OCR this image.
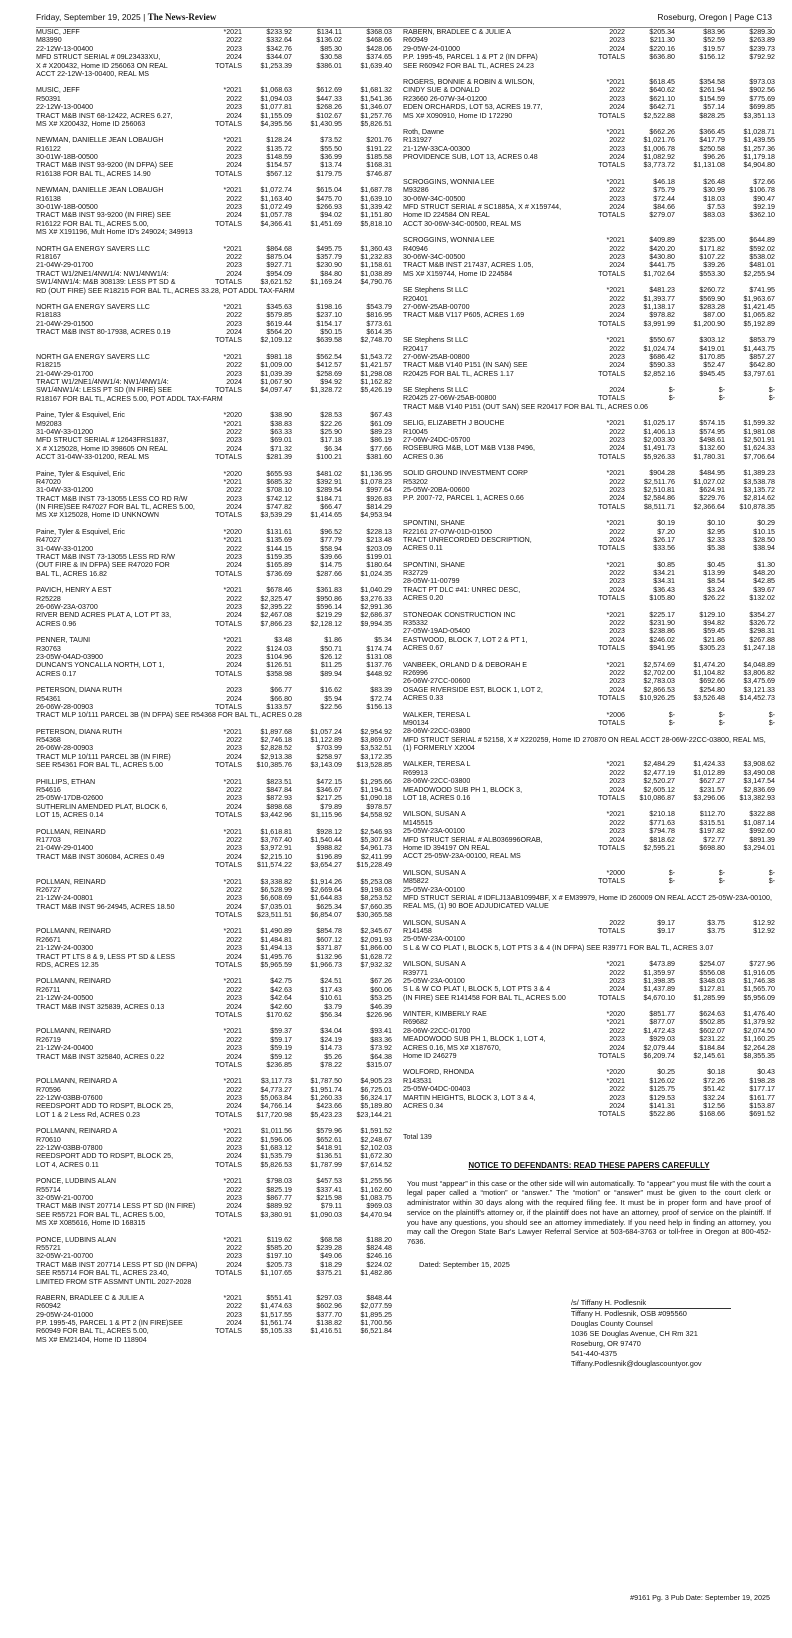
Friday, September 19, 2025 | The News-Review	Roseburg, Oregon | Page C13
MUSIC, JEFF	*2021	$233.92	$134.11	$368.03
M83990	2022	$332.64	$136.02	$468.66
22-12W-13-00400	2023	$342.76	$85.30	$428.06
MFD STRUCT SERIAL # 09L23433XU,	2024	$344.07	$30.58	$374.65
X # X200432, Home ID 256063 ON REAL	TOTALS	$1,253.39	$386.01	$1,639.40
ACCT 22-12W-13-00400, REAL MS
MUSIC, JEFF	*2021	$1,068.63	$612.69	$1,681.32
R50391	2022	$1,094.03	$447.33	$1,541.36
22-12W-13-00400	2023	$1,077.81	$268.26	$1,346.07
TRACT M&B INST 68-12422, ACRES 6.27,	2024	$1,155.09	$102.67	$1,257.76
MS X# X200432, Home ID 256063	TOTALS	$4,395.56	$1,430.95	$5,826.51
NEWMAN, DANIELLE JEAN LOBAUGH	*2021	$128.24	$73.52	$201.76
R16122	2022	$135.72	$55.50	$191.22
30-01W-18B-00500	2023	$148.59	$36.99	$185.58
TRACT M&B INST 93-9200 (IN DFPA) SEE	2024	$154.57	$13.74	$168.31
R16138 FOR BAL TL, ACRES 14.90	TOTALS	$567.12	$179.75	$746.87
NEWMAN, DANIELLE JEAN LOBAUGH	*2021	$1,072.74	$615.04	$1,687.78
R16138	2022	$1,163.40	$475.70	$1,639.10
30-01W-18B-00500	2023	$1,072.49	$266.93	$1,339.42
TRACT M&B INST 93-9200 (IN FIRE) SEE	2024	$1,057.78	$94.02	$1,151.80
R16122 FOR BAL TL, ACRES 5.00,	TOTALS	$4,366.41	$1,451.69	$5,818.10
MS X# X191196, Mult Home ID's 249024; 349913
NORTH GA ENERGY SAVERS LLC	*2021	$864.68	$495.75	$1,360.43
R18167	2022	$875.04	$357.79	$1,232.83
21-04W-29-01700	2023	$927.71	$230.90	$1,158.61
TRACT W1/2NE1/4NW1/4: NW1/4NW1/4:	2024	$954.09	$84.80	$1,038.89
SW1/4NW1/4: M&B 308139: LESS PT SD &	TOTALS	$3,621.52	$1,169.24	$4,790.76
RD (OUT FIRE) SEE R18215 FOR BAL TL, ACRES 33.28, POT ADDL TAX-FARM
NORTH GA ENERGY SAVERS LLC	*2021	$345.63	$198.16	$543.79
R18183	2022	$579.85	$237.10	$816.95
21-04W-29-01500	2023	$619.44	$154.17	$773.61
TRACT M&B INST 80-17938, ACRES 0.19	2024	$564.20	$50.15	$614.35
TOTALS	$2,109.12	$639.58	$2,748.70
NORTH GA ENERGY SAVERS LLC	*2021	$981.18	$562.54	$1,543.72
R18215	2022	$1,009.00	$412.57	$1,421.57
21-04W-29-01700	2023	$1,039.39	$258.69	$1,298.08
TRACT W1/2NE1/4NW1/4: NW1/4NW1/4:	2024	$1,067.90	$94.92	$1,162.82
SW1/4NW1/4: LESS PT SD (IN FIRE) SEE	TOTALS	$4,097.47	$1,328.72	$5,426.19
R18167 FOR BAL TL, ACRES 5.00, POT ADDL TAX-FARM
Paine, Tyler & Esquivel, Eric	*2020	$38.90	$28.53	$67.43
M92083	*2021	$38.83	$22.26	$61.09
31-04W-33-01200	2022	$63.33	$25.90	$89.23
MFD STRUCT SERIAL # 12643FRS1837,	2023	$69.01	$17.18	$86.19
X # X125028, Home ID 398605 ON REAL	2024	$71.32	$6.34	$77.66
ACCT 31-04W-33-01200, REAL MS	TOTALS	$281.39	$100.21	$381.60
Paine, Tyler & Esquivel, Eric	*2020	$655.93	$481.02	$1,136.95
R47020	*2021	$685.32	$392.91	$1,078.23
31-04W-33-01200	2022	$708.10	$289.54	$997.64
TRACT M&B INST 73-13055 LESS CO RD R/W	2023	$742.12	$184.71	$926.83
(IN FIRE)SEE R47027 FOR BAL TL, ACRES 5.00,	2024	$747.82	$66.47	$814.29
MS X# X125028, Home ID UNKNOWN	TOTALS	$3,539.29	$1,414.65	$4,953.94
Paine, Tyler & Esquivel, Eric	*2020	$131.61	$96.52	$228.13
R47027	*2021	$135.69	$77.79	$213.48
31-04W-33-01200	2022	$144.15	$58.94	$203.09
TRACT M&B INST 73-13055 LESS RD R/W	2023	$159.35	$39.66	$199.01
(OUT FIRE & IN DFPA) SEE R47020 FOR	2024	$165.89	$14.75	$180.64
BAL TL, ACRES 16.82	TOTALS	$736.69	$287.66	$1,024.35
PAVICH, HENRY A EST	*2021	$678.46	$361.83	$1,040.29
R25228	2022	$2,325.47	$950.86	$3,276.33
26-06W-23A-03700	2023	$2,395.22	$596.14	$2,991.36
RIVER BEND ACRES PLAT A, LOT PT 33,	2024	$2,467.08	$219.29	$2,686.37
ACRES 0.96	TOTALS	$7,866.23	$2,128.12	$9,994.35
PENNER, TAUNI	*2021	$3.48	$1.86	$5.34
R30763	2022	$124.03	$50.71	$174.74
23-05W-04AD-03900	2023	$104.96	$26.12	$131.08
DUNCAN'S YONCALLA NORTH, LOT 1,	2024	$126.51	$11.25	$137.76
ACRES 0.17	TOTALS	$358.98	$89.94	$448.92
PETERSON, DIANA RUTH	2023	$66.77	$16.62	$83.39
R54361	2024	$66.80	$5.94	$72.74
26-06W-28-00903	TOTALS	$133.57	$22.56	$156.13
TRACT MLP 10/111 PARCEL 3B (IN DFPA) SEE R54368 FOR BAL TL, ACRES 0.28
PETERSON, DIANA RUTH	*2021	$1,897.68	$1,057.24	$2,954.92
R54368	2022	$2,746.18	$1,122.89	$3,869.07
26-06W-28-00903	2023	$2,828.52	$703.99	$3,532.51
TRACT MLP 10/111 PARCEL 3B (IN FIRE)	2024	$2,913.38	$258.97	$3,172.35
SEE R54361 FOR BAL TL, ACRES 5.00	TOTALS	$10,385.76	$3,143.09	$13,528.85
PHILLIPS, ETHAN	*2021	$823.51	$472.15	$1,295.66
R54616	2022	$847.84	$346.67	$1,194.51
25-05W-17DB-02600	2023	$872.93	$217.25	$1,090.18
SUTHERLIN AMENDED PLAT, BLOCK 6,	2024	$898.68	$79.89	$978.57
LOT 15, ACRES 0.14	TOTALS	$3,442.96	$1,115.96	$4,558.92
POLLMAN, REINARD	*2021	$1,618.81	$928.12	$2,546.93
R17703	2022	$3,767.40	$1,540.44	$5,307.84
21-04W-29-01400	2023	$3,972.91	$988.82	$4,961.73
TRACT M&B INST 306084, ACRES 0.49	2024	$2,215.10	$196.89	$2,411.99
TOTALS	$11,574.22	$3,654.27	$15,228.49
POLLMAN, REINARD	*2021	$3,338.82	$1,914.26	$5,253.08
R26727	2022	$6,528.99	$2,669.64	$9,198.63
21-12W-24-00801	2023	$6,608.69	$1,644.83	$8,253.52
TRACT M&B INST 96-24945, ACRES 18.50	2024	$7,035.01	$625.34	$7,660.35
TOTALS	$23,511.51	$6,854.07	$30,365.58
POLLMANN, REINARD	*2021	$1,490.89	$854.78	$2,345.67
R26671	2022	$1,484.81	$607.12	$2,091.93
21-12W-24-00300	2023	$1,494.13	$371.87	$1,866.00
TRACT PT LTS 8 & 9, LESS PT SD & LESS	2024	$1,495.76	$132.96	$1,628.72
RDS, ACRES 12.35	TOTALS	$5,965.59	$1,966.73	$7,932.32
POLLMANN, REINARD	*2021	$42.75	$24.51	$67.26
R26711	2022	$42.63	$17.43	$60.06
21-12W-24-00500	2023	$42.64	$10.61	$53.25
TRACT M&B INST 325839, ACRES 0.13	2024	$42.60	$3.79	$46.39
TOTALS	$170.62	$56.34	$226.96
POLLMANN, REINARD	*2021	$59.37	$34.04	$93.41
R26719	2022	$59.17	$24.19	$83.36
21-12W-24-00400	2023	$59.19	$14.73	$73.92
TRACT M&B INST 325840, ACRES 0.22	2024	$59.12	$5.26	$64.38
TOTALS	$236.85	$78.22	$315.07
POLLMANN, REINARD A	*2021	$3,117.73	$1,787.50	$4,905.23
R70596	2022	$4,773.27	$1,951.74	$6,725.01
22-12W-03BB-07600	2023	$5,063.84	$1,260.33	$6,324.17
REEDSPORT ADD TO RDSPT, BLOCK 25,	2024	$4,766.14	$423.66	$5,189.80
LOT 1 & 2 Less Rd, ACRES 0.23	TOTALS	$17,720.98	$5,423.23	$23,144.21
POLLMANN, REINARD A	*2021	$1,011.56	$579.96	$1,591.52
R70610	2022	$1,596.06	$652.61	$2,248.67
22-12W-03BB-07800	2023	$1,683.12	$418.91	$2,102.03
REEDSPORT ADD TO RDSPT, BLOCK 25,	2024	$1,535.79	$136.51	$1,672.30
LOT 4, ACRES 0.11	TOTALS	$5,826.53	$1,787.99	$7,614.52
PONCE, LUDBINS ALAN	*2021	$798.03	$457.53	$1,255.56
R55714	2022	$825.19	$337.41	$1,162.60
32-05W-21-00700	2023	$867.77	$215.98	$1,083.75
TRACT M&B INST 207714 LESS PT SD (IN FIRE)	2024	$889.92	$79.11	$969.03
SEE R55721 FOR BAL TL, ACRES 5.00,	TOTALS	$3,380.91	$1,090.03	$4,470.94
MS X# X085616, Home ID 168315
PONCE, LUDBINS ALAN	*2021	$119.62	$68.58	$188.20
R55721	2022	$585.20	$239.28	$824.48
32-05W-21-00700	2023	$197.10	$49.06	$246.16
TRACT M&B INST 207714 LESS PT SD (IN DFPA)	2024	$205.73	$18.29	$224.02
SEE R55714 FOR BAL TL, ACRES 23.40,	TOTALS	$1,107.65	$375.21	$1,482.86
LIMITED FROM STF ASSMNT UNTIL 2027-2028
RABERN, BRADLEE C & JULIE A	*2021	$551.41	$297.03	$848.44
R60942	2022	$1,474.63	$602.96	$2,077.59
29-05W-24-01000	2023	$1,517.55	$377.70	$1,895.25
P.P. 1995-45, PARCEL 1 & PT 2 (IN FIRE)SEE	2024	$1,561.74	$138.82	$1,700.56
R60949 FOR BAL TL, ACRES 5.00,	TOTALS	$5,105.33	$1,416.51	$6,521.84
MS X# EM21404, Home ID 118904
RABERN, BRADLEE C & JULIE A	2022	$205.34	$83.96	$289.30
R60949	2023	$211.30	$52.59	$263.89
29-05W-24-01000	2024	$220.16	$19.57	$239.73
P.P. 1995-45, PARCEL 1 & PT 2 (IN DFPA)	TOTALS	$636.80	$156.12	$792.92
SEE R60942 FOR BAL TL, ACRES 24.23
ROGERS, BONNIE & ROBIN & WILSON,	*2021	$618.45	$354.58	$973.03
CINDY SUE & DONALD	2022	$640.62	$261.94	$902.56
R23660 26-07W-34-01200	2023	$621.10	$154.59	$775.69
EDEN ORCHARDS, LOT 53, ACRES 19.77,	2024	$642.71	$57.14	$699.85
MS X# X090910, Home ID 172290	TOTALS	$2,522.88	$828.25	$3,351.13
Roth, Dawne	*2021	$662.26	$366.45	$1,028.71
R131927	2022	$1,021.76	$417.79	$1,439.55
21-12W-33CA-00300	2023	$1,006.78	$250.58	$1,257.36
PROVIDENCE SUB, LOT 13, ACRES 0.48	2024	$1,082.92	$96.26	$1,179.18
TOTALS	$3,773.72	$1,131.08	$4,904.80
SCROGGINS, WONNIA LEE	*2021	$46.18	$26.48	$72.66
M93286	2022	$75.79	$30.99	$106.78
30-06W-34C-00500	2023	$72.44	$18.03	$90.47
MFD STRUCT SERIAL # SC1885A, X # X159744,	2024	$84.66	$7.53	$92.19
Home ID 224584 ON REAL	TOTALS	$279.07	$83.03	$362.10
ACCT 30-06W-34C-00500, REAL MS
SCROGGINS, WONNIA LEE	*2021	$409.89	$235.00	$644.89
R40946	2022	$420.20	$171.82	$592.02
30-06W-34C-00500	2023	$430.80	$107.22	$538.02
TRACT M&B INST 217437, ACRES 1.05,	2024	$441.75	$39.26	$481.01
MS X# X159744, Home ID 224584	TOTALS	$1,702.64	$553.30	$2,255.94
SE Stephens St LLC	*2021	$481.23	$260.72	$741.95
R20401	2022	$1,393.77	$569.90	$1,963.67
27-06W-25AB-00700	2023	$1,138.17	$283.28	$1,421.45
TRACT M&B V117 P605, ACRES 1.69	2024	$978.82	$87.00	$1,065.82
TOTALS	$3,991.99	$1,200.90	$5,192.89
SE Stephens St LLC	*2021	$550.67	$303.12	$853.79
R20417	2022	$1,024.74	$419.01	$1,443.75
27-06W-25AB-00800	2023	$686.42	$170.85	$857.27
TRACT M&B V140 P151 (IN SAN) SEE	2024	$590.33	$52.47	$642.80
R20425 FOR BAL TL, ACRES 1.17	TOTALS	$2,852.16	$945.45	$3,797.61
SE Stephens St LLC	2024	$-	$-	$-
R20425 27-06W-25AB-00800	TOTALS	$-	$-	$-
TRACT M&B V140 P151 (OUT SAN) SEE R20417 FOR BAL TL, ACRES 0.06
SELIG, ELIZABETH J BOUCHE	*2021	$1,025.17	$574.15	$1,599.32
R10045	2022	$1,406.13	$574.95	$1,981.08
27-06W-24DC-05700	2023	$2,003.30	$498.61	$2,501.91
ROSEBURG M&B, LOT M&B V138 P496,	2024	$1,491.73	$132.60	$1,624.33
ACRES 0.36	TOTALS	$5,926.33	$1,780.31	$7,706.64
SOLID GROUND INVESTMENT CORP	*2021	$904.28	$484.95	$1,389.23
R53202	2022	$2,511.76	$1,027.02	$3,538.78
25-05W-20BA-00600	2023	$2,510.81	$624.91	$3,135.72
P.P. 2007-72, PARCEL 1, ACRES 0.66	2024	$2,584.86	$229.76	$2,814.62
TOTALS	$8,511.71	$2,366.64	$10,878.35
SPONTINI, SHANE	*2021	$0.19	$0.10	$0.29
R22161 27-07W-01D-01500	2022	$7.20	$2.95	$10.15
TRACT UNRECORDED DESCRIPTION,	2024	$26.17	$2.33	$28.50
ACRES 0.11	TOTALS	$33.56	$5.38	$38.94
SPONTINI, SHANE	*2021	$0.85	$0.45	$1.30
R32729	2022	$34.21	$13.99	$48.20
28-05W-11-00799	2023	$34.31	$8.54	$42.85
TRACT PT DLC #41: UNREC DESC,	2024	$36.43	$3.24	$39.67
ACRES 0.20	TOTALS	$105.80	$26.22	$132.02
STONEOAK CONSTRUCTION INC	*2021	$225.17	$129.10	$354.27
R35332	2022	$231.90	$94.82	$326.72
27-05W-19AD-05400	2023	$238.86	$59.45	$298.31
EASTWOOD, BLOCK 7, LOT 2 & PT 1,	2024	$246.02	$21.86	$267.88
ACRES 0.67	TOTALS	$941.95	$305.23	$1,247.18
VANBEEK, ORLAND D & DEBORAH E	*2021	$2,574.69	$1,474.20	$4,048.89
R26996	2022	$2,702.00	$1,104.82	$3,806.82
26-06W-27CC-00600	2023	$2,783.03	$692.66	$3,475.69
OSAGE RIVERSIDE EST, BLOCK 1, LOT 2,	2024	$2,866.53	$254.80	$3,121.33
ACRES 0.33	TOTALS	$10,926.25	$3,526.48	$14,452.73
WALKER, TERESA L	*2006	$-	$-	$-
M90134	TOTALS	$-	$-	$-
28-06W-22CC-03800
MFD STRUCT SERIAL # 52158, X # X220259, Home ID 270870 ON REAL ACCT 28-06W-22CC-03800, REAL MS, (1) FORMERLY X2004
WALKER, TERESA L	*2021	$2,484.29	$1,424.33	$3,908.62
R69913	2022	$2,477.19	$1,012.89	$3,490.08
28-06W-22CC-03800	2023	$2,520.27	$627.27	$3,147.54
MEADOWOOD SUB PH 1, BLOCK 3,	2024	$2,605.12	$231.57	$2,836.69
LOT 18, ACRES 0.16	TOTALS	$10,086.87	$3,296.06	$13,382.93
WILSON, SUSAN A	*2021	$210.18	$112.70	$322.88
M145515	2022	$771.63	$315.51	$1,087.14
25-05W-23A-00100	2023	$794.78	$197.82	$992.60
MFD STRUCT SERIAL # ALB036996ORAB,	2024	$818.62	$72.77	$891.39
Home ID 394197 ON REAL	TOTALS	$2,595.21	$698.80	$3,294.01
ACCT 25-05W-23A-00100, REAL MS
WILSON, SUSAN A	*2000	$-	$-	$-
M85822	TOTALS	$-	$-	$-
25-05W-23A-00100
MFD STRUCT SERIAL # IDFLJ13AB10994BF, X # EM39979, Home ID 260009 ON REAL ACCT 25-05W-23A-00100, REAL MS, (1) 90 BOE ADJUDICATED VALUE
WILSON, SUSAN A	2022	$9.17	$3.75	$12.92
R141458	TOTALS	$9.17	$3.75	$12.92
25-05W-23A-00100
S L & W CO PLAT I, BLOCK 5, LOT PTS 3 & 4 (IN DFPA) SEE R39771 FOR BAL TL, ACRES 3.07
WILSON, SUSAN A	*2021	$473.89	$254.07	$727.96
R39771	2022	$1,359.97	$556.08	$1,916.05
25-05W-23A-00100	2023	$1,398.35	$348.03	$1,746.38
S L & W CO PLAT I, BLOCK 5, LOT PTS 3 & 4	2024	$1,437.89	$127.81	$1,565.70
(IN FIRE) SEE R141458 FOR BAL TL, ACRES 5.00	TOTALS	$4,670.10	$1,285.99	$5,956.09
WINTER, KIMBERLY RAE	*2020	$851.77	$624.63	$1,476.40
R69682	*2021	$877.07	$502.85	$1,379.92
28-06W-22CC-01700	2022	$1,472.43	$602.07	$2,074.50
MEADOWOOD SUB PH 1, BLOCK 1, LOT 4,	2023	$929.03	$231.22	$1,160.25
ACRES 0.16, MS X# X187670,	2024	$2,079.44	$184.84	$2,264.28
Home ID 246279	TOTALS	$6,209.74	$2,145.61	$8,355.35
WOLFORD, RHONDA	*2020	$0.25	$0.18	$0.43
R143531	*2021	$126.02	$72.26	$198.28
25-05W-04DC-00403	2022	$125.75	$51.42	$177.17
MARTIN HEIGHTS, BLOCK 3, LOT 3 & 4,	2023	$129.53	$32.24	$161.77
ACRES 0.34	2024	$141.31	$12.56	$153.87
TOTALS	$522.86	$168.66	$691.52
Total 139
NOTICE TO DEFENDANTS: READ THESE PAPERS CAREFULLY
You must “appear” in this case or the other side will win automatically. To “appear” you must file with the court a legal paper called a “motion” or “answer.” The “motion” or “answer” must be given to the court clerk or administrator within 30 days along with the required filing fee. It must be in proper form and have proof of service on the plaintiff's attorney or, if the plaintiff does not have an attorney, proof of service on the plaintiff. If you have any questions, you should see an attorney immediately. If you need help in finding an attorney, you may call the Oregon State Bar's Lawyer Referral Service at 503-684-3763 or toll-free in Oregon at 800-452-7636.
Dated: September 15, 2025
/s/ Tiffany H. Podlesnik
Tiffany H. Podlesnik, OSB #095560
Douglas County Counsel
1036 SE Douglas Avenue, CH Rm 321
Roseburg, OR 97470
541-440-4375
Tiffany.Podlesnik@douglascountyor.gov
#9161 Pg. 3 Pub Date: September 19, 2025
